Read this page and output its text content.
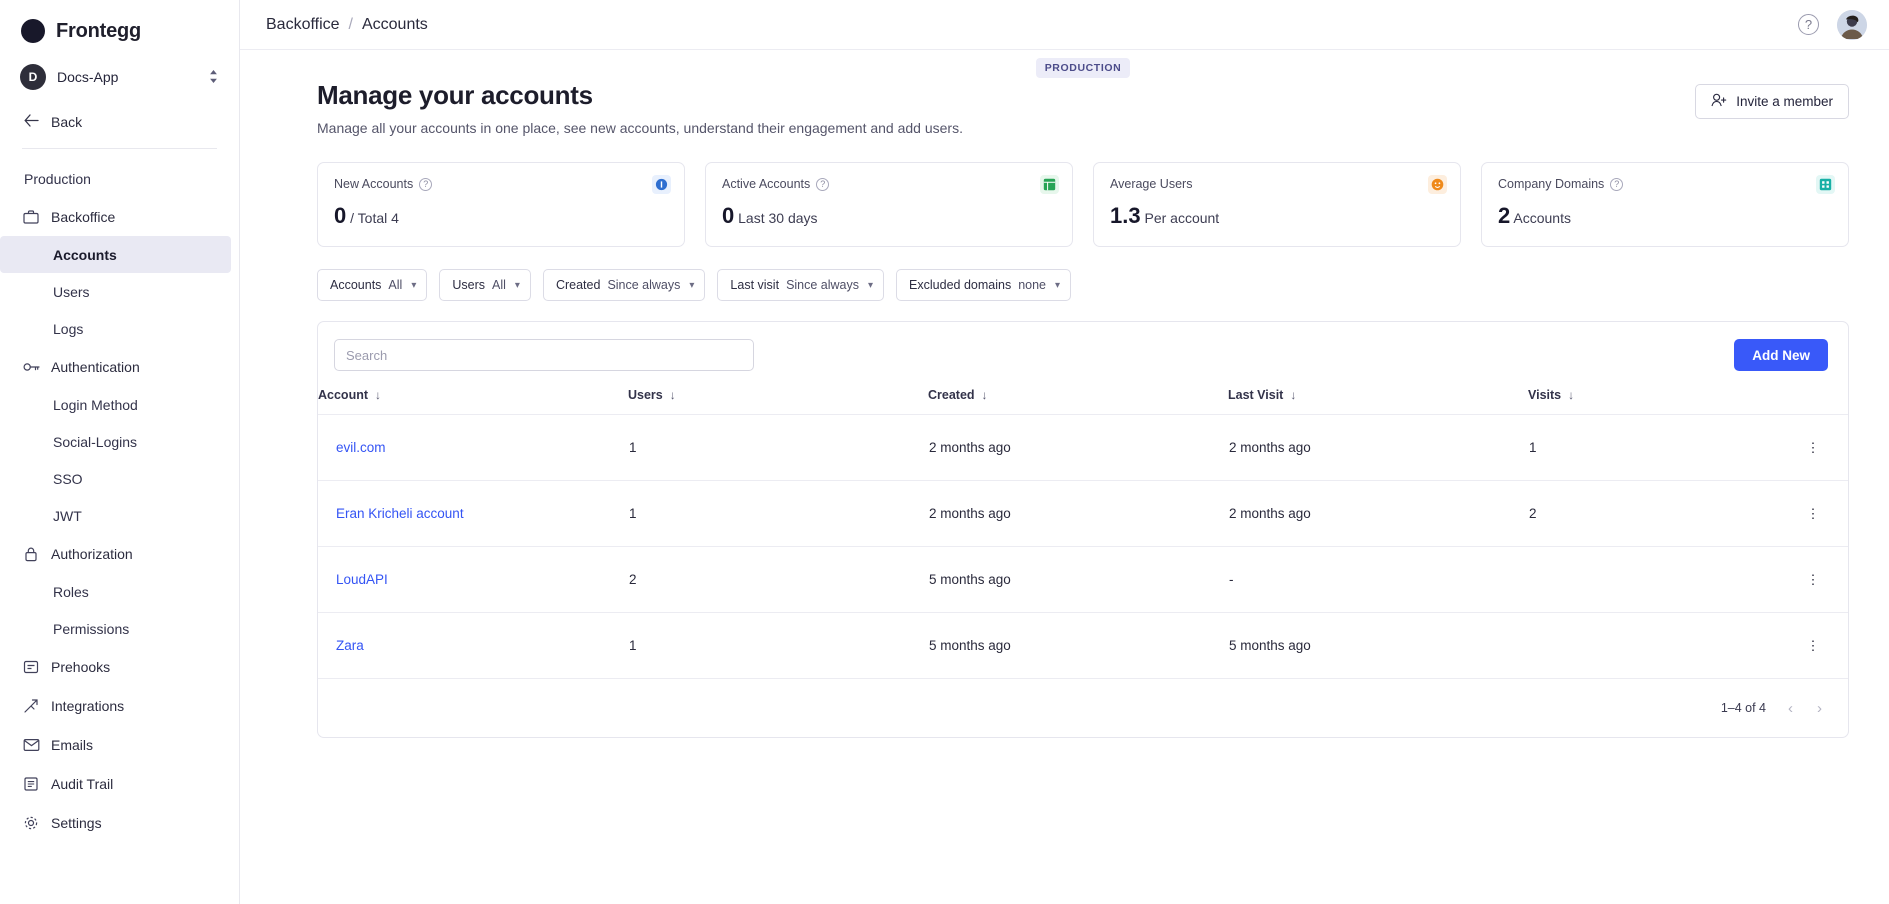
Frontegg
D	Docs-App
Back
Production
Backoffice
Accounts
Users
Logs
Authentication
Login Method
Social-Logins
SSO
JWT
Authorization
Roles
Permissions
Prehooks
Integrations
Emails
Audit Trail
Settings
Backoffice / Accounts	?
PRODUCTION
Manage your accounts

Manage all your accounts in one place, see new accounts, understand their engagement and add users.

Invite a member
New Accounts	?
0 / Total 4
Active Accounts	?
0 Last 30 days
Average Users
1.3 Per account
Company Domains	?
2 Accounts
Accounts All ▾	Users All ▾	Created Since always ▾	Last visit Since always ▾	Excluded domains none ▾
Search
Add New
Account ↓	Users ↓	Created ↓	Last Visit ↓	Visits ↓	

evil.com	1	2 months ago	2 months ago	1	⋮
Eran Kricheli account	1	2 months ago	2 months ago	2	⋮
LoudAPI	2	5 months ago	-		⋮
Zara	1	5 months ago	5 months ago		⋮
1–4 of 4 ‹ ›
